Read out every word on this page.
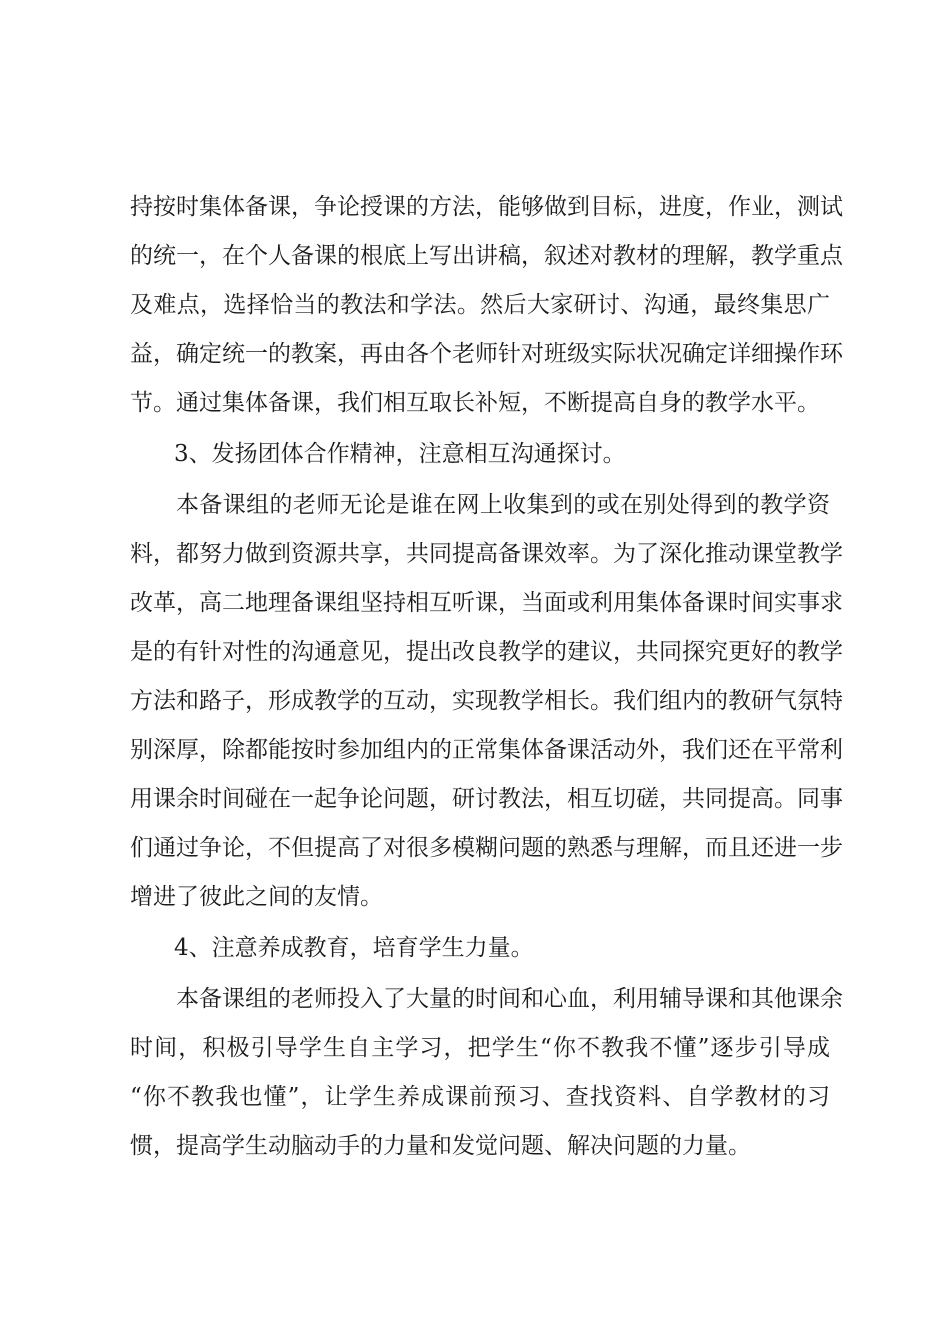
持按时集体备课，争论授课的方法，能够做到目标，进度，作业，测试
的统一，在个人备课的根底上写出讲稿，叙述对教材的理解，教学重点
及难点，选择恰当的教法和学法。然后大家研讨、沟通，最终集思广
益，确定统一的教案，再由各个老师针对班级实际状况确定详细操作环
节。通过集体备课，我们相互取长补短，不断提高自身的教学水平。
3、发扬团体合作精神，注意相互沟通探讨。
本备课组的老师无论是谁在网上收集到的或在别处得到的教学资
料，都努力做到资源共享，共同提高备课效率。为了深化推动课堂教学
改革，高二地理备课组坚持相互听课，当面或利用集体备课时间实事求
是的有针对性的沟通意见，提出改良教学的建议，共同探究更好的教学
方法和路子，形成教学的互动，实现教学相长。我们组内的教研气氛特
别深厚，除都能按时参加组内的正常集体备课活动外，我们还在平常利
用课余时间碰在一起争论问题，研讨教法，相互切磋，共同提高。同事
们通过争论，不但提高了对很多模糊问题的熟悉与理解，而且还进一步
增进了彼此之间的友情。
4、注意养成教育，培育学生力量。
本备课组的老师投入了大量的时间和心血，利用辅导课和其他课余
时间，积极引导学生自主学习，把学生“你不教我不懂”逐步引导成
“你不教我也懂”，让学生养成课前预习、查找资料、自学教材的习
惯，提高学生动脑动手的力量和发觉问题、解决问题的力量。
